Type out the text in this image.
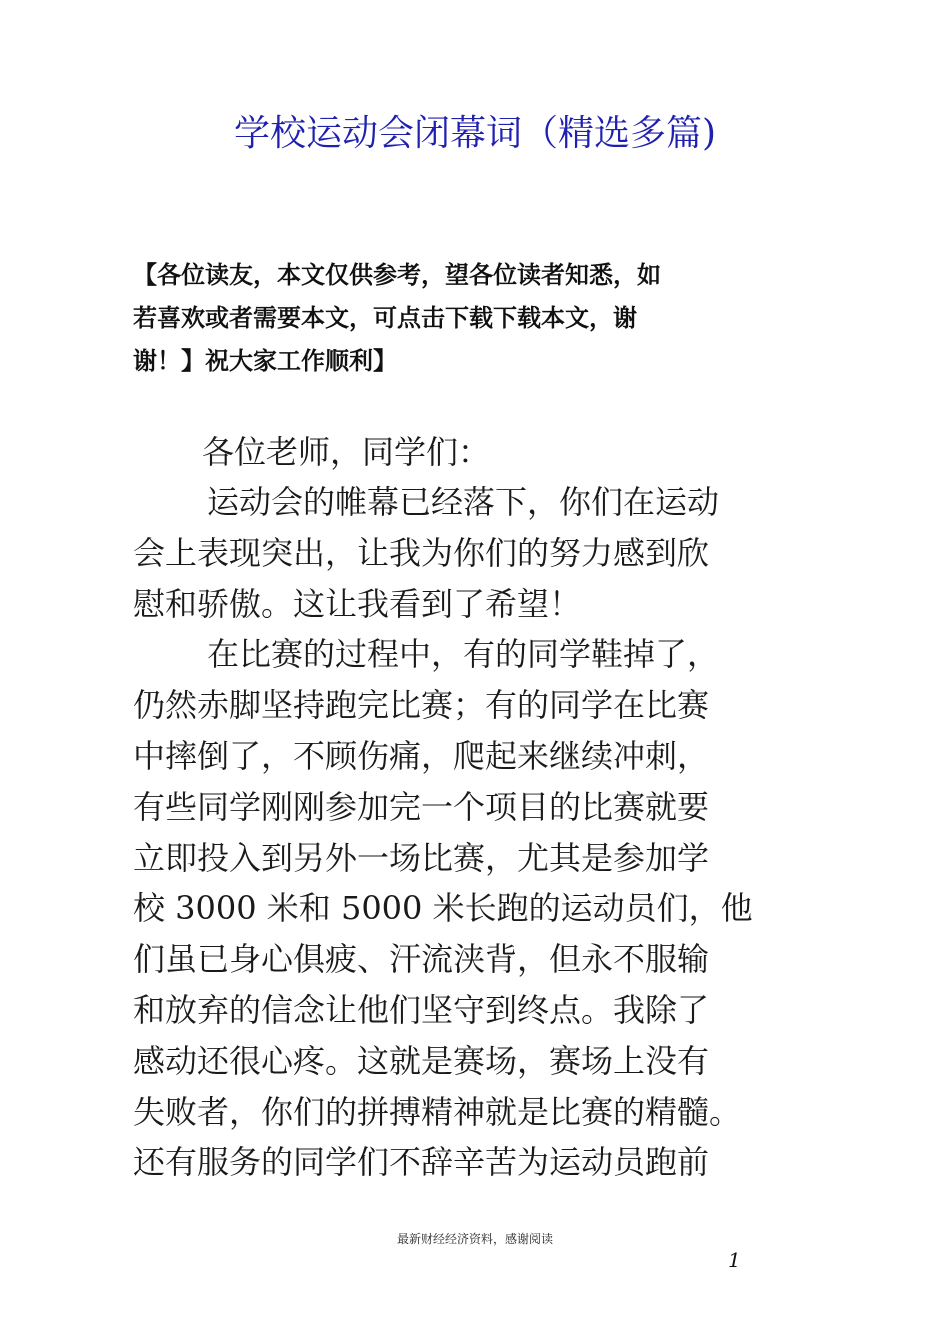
学校运动会闭幕词（精选多篇)
【各位读友，本文仅供参考，望各位读者知悉，如
若喜欢或者需要本文，可点击下载下载本文，谢
谢！】祝大家工作顺利】
各位老师，同学们：
运动会的帷幕已经落下，你们在运动
会上表现突出，让我为你们的努力感到欣
慰和骄傲。这让我看到了希望！
在比赛的过程中，有的同学鞋掉了，
仍然赤脚坚持跑完比赛；有的同学在比赛
中摔倒了，不顾伤痛，爬起来继续冲刺，
有些同学刚刚参加完一个项目的比赛就要
立即投入到另外一场比赛，尤其是参加学
校 3000 米和 5000 米长跑的运动员们，他
们虽已身心俱疲、汗流浃背，但永不服输
和放弃的信念让他们坚守到终点。我除了
感动还很心疼。这就是赛场，赛场上没有
失败者，你们的拼搏精神就是比赛的精髓。
还有服务的同学们不辞辛苦为运动员跑前
最新财经经济资料，感谢阅读
1
